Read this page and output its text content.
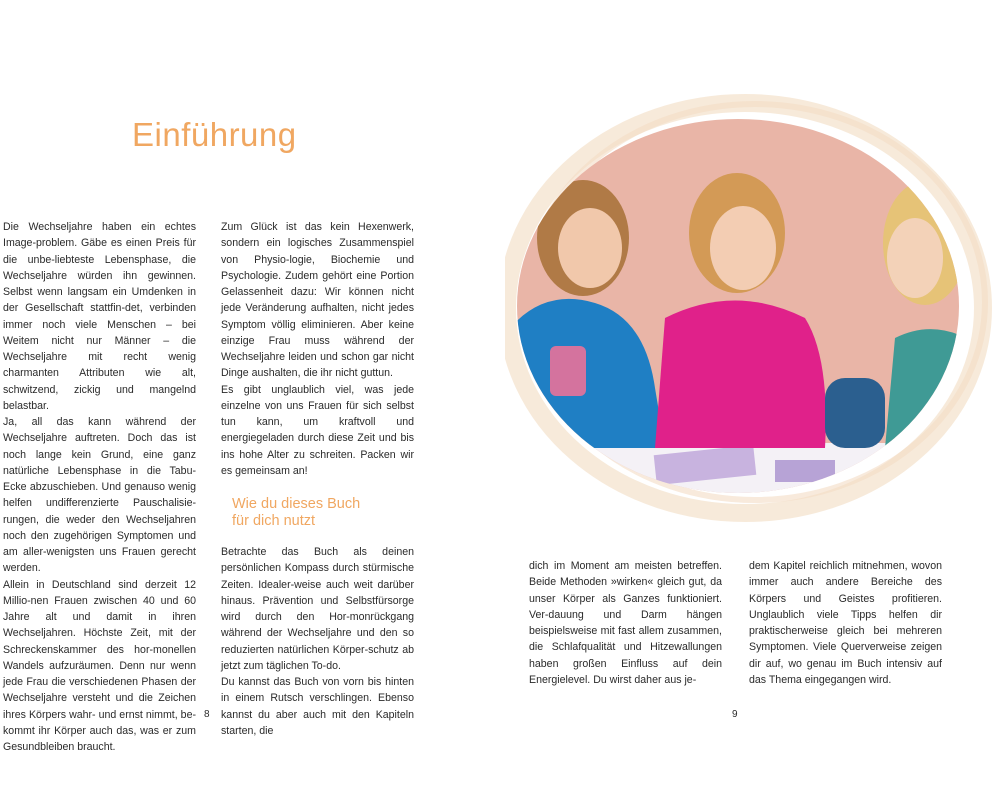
Einführung

Die Wechseljahre haben ein echtes Image-problem. Gäbe es einen Preis für die unbe-liebteste Lebensphase, die Wechseljahre würden ihn gewinnen. Selbst wenn langsam ein Umdenken in der Gesellschaft stattfin-det, verbinden immer noch viele Menschen – bei Weitem nicht nur Männer – die Wechseljahre mit recht wenig charmanten Attributen wie alt, schwitzend, zickig und mangelnd belastbar.

Ja, all das kann während der Wechseljahre auftreten. Doch das ist noch lange kein Grund, eine ganz natürliche Lebensphase in die Tabu-Ecke abzuschieben. Und genauso wenig helfen undifferenzierte Pauschalisie-rungen, die weder den Wechseljahren noch den zugehörigen Symptomen und am aller-wenigsten uns Frauen gerecht werden.

Allein in Deutschland sind derzeit 12 Millio-nen Frauen zwischen 40 und 60 Jahre alt und damit in ihren Wechseljahren. Höchste Zeit, mit der Schreckenskammer des hor-monellen Wandels aufzuräumen. Denn nur wenn jede Frau die verschiedenen Phasen der Wechseljahre versteht und die Zeichen ihres Körpers wahr- und ernst nimmt, be-kommt ihr Körper auch das, was er zum Gesundbleiben braucht.

Zum Glück ist das kein Hexenwerk, sondern ein logisches Zusammenspiel von Physio-logie, Biochemie und Psychologie. Zudem gehört eine Portion Gelassenheit dazu: Wir können nicht jede Veränderung aufhalten, nicht jedes Symptom völlig eliminieren. Aber keine einzige Frau muss während der Wechseljahre leiden und schon gar nicht Dinge aushalten, die ihr nicht guttun.

Es gibt unglaublich viel, was jede einzelne von uns Frauen für sich selbst tun kann, um kraftvoll und energiegeladen durch diese Zeit und bis ins hohe Alter zu schreiten. Packen wir es gemeinsam an!

Wie du dieses Buch
für dich nutzt

Betrachte das Buch als deinen persönlichen Kompass durch stürmische Zeiten. Idealer-weise auch weit darüber hinaus. Prävention und Selbstfürsorge wird durch den Hor-monrückgang während der Wechseljahre und den so reduzierten natürlichen Körper-schutz ab jetzt zum täglichen To-do.

Du kannst das Buch von vorn bis hinten in einem Rutsch verschlingen. Ebenso kannst du aber auch mit den Kapiteln starten, die

8

dich im Moment am meisten betreffen. Beide Methoden »wirken« gleich gut, da unser Körper als Ganzes funktioniert. Ver-dauung und Darm hängen beispielsweise mit fast allem zusammen, die Schlafqualität und Hitzewallungen haben großen Einfluss auf dein Energielevel. Du wirst daher aus je-

dem Kapitel reichlich mitnehmen, wovon immer auch andere Bereiche des Körpers und Geistes profitieren. Unglaublich viele Tipps helfen dir praktischerweise gleich bei mehreren Symptomen. Viele Querverweise zeigen dir auf, wo genau im Buch intensiv auf das Thema eingegangen wird.

9
